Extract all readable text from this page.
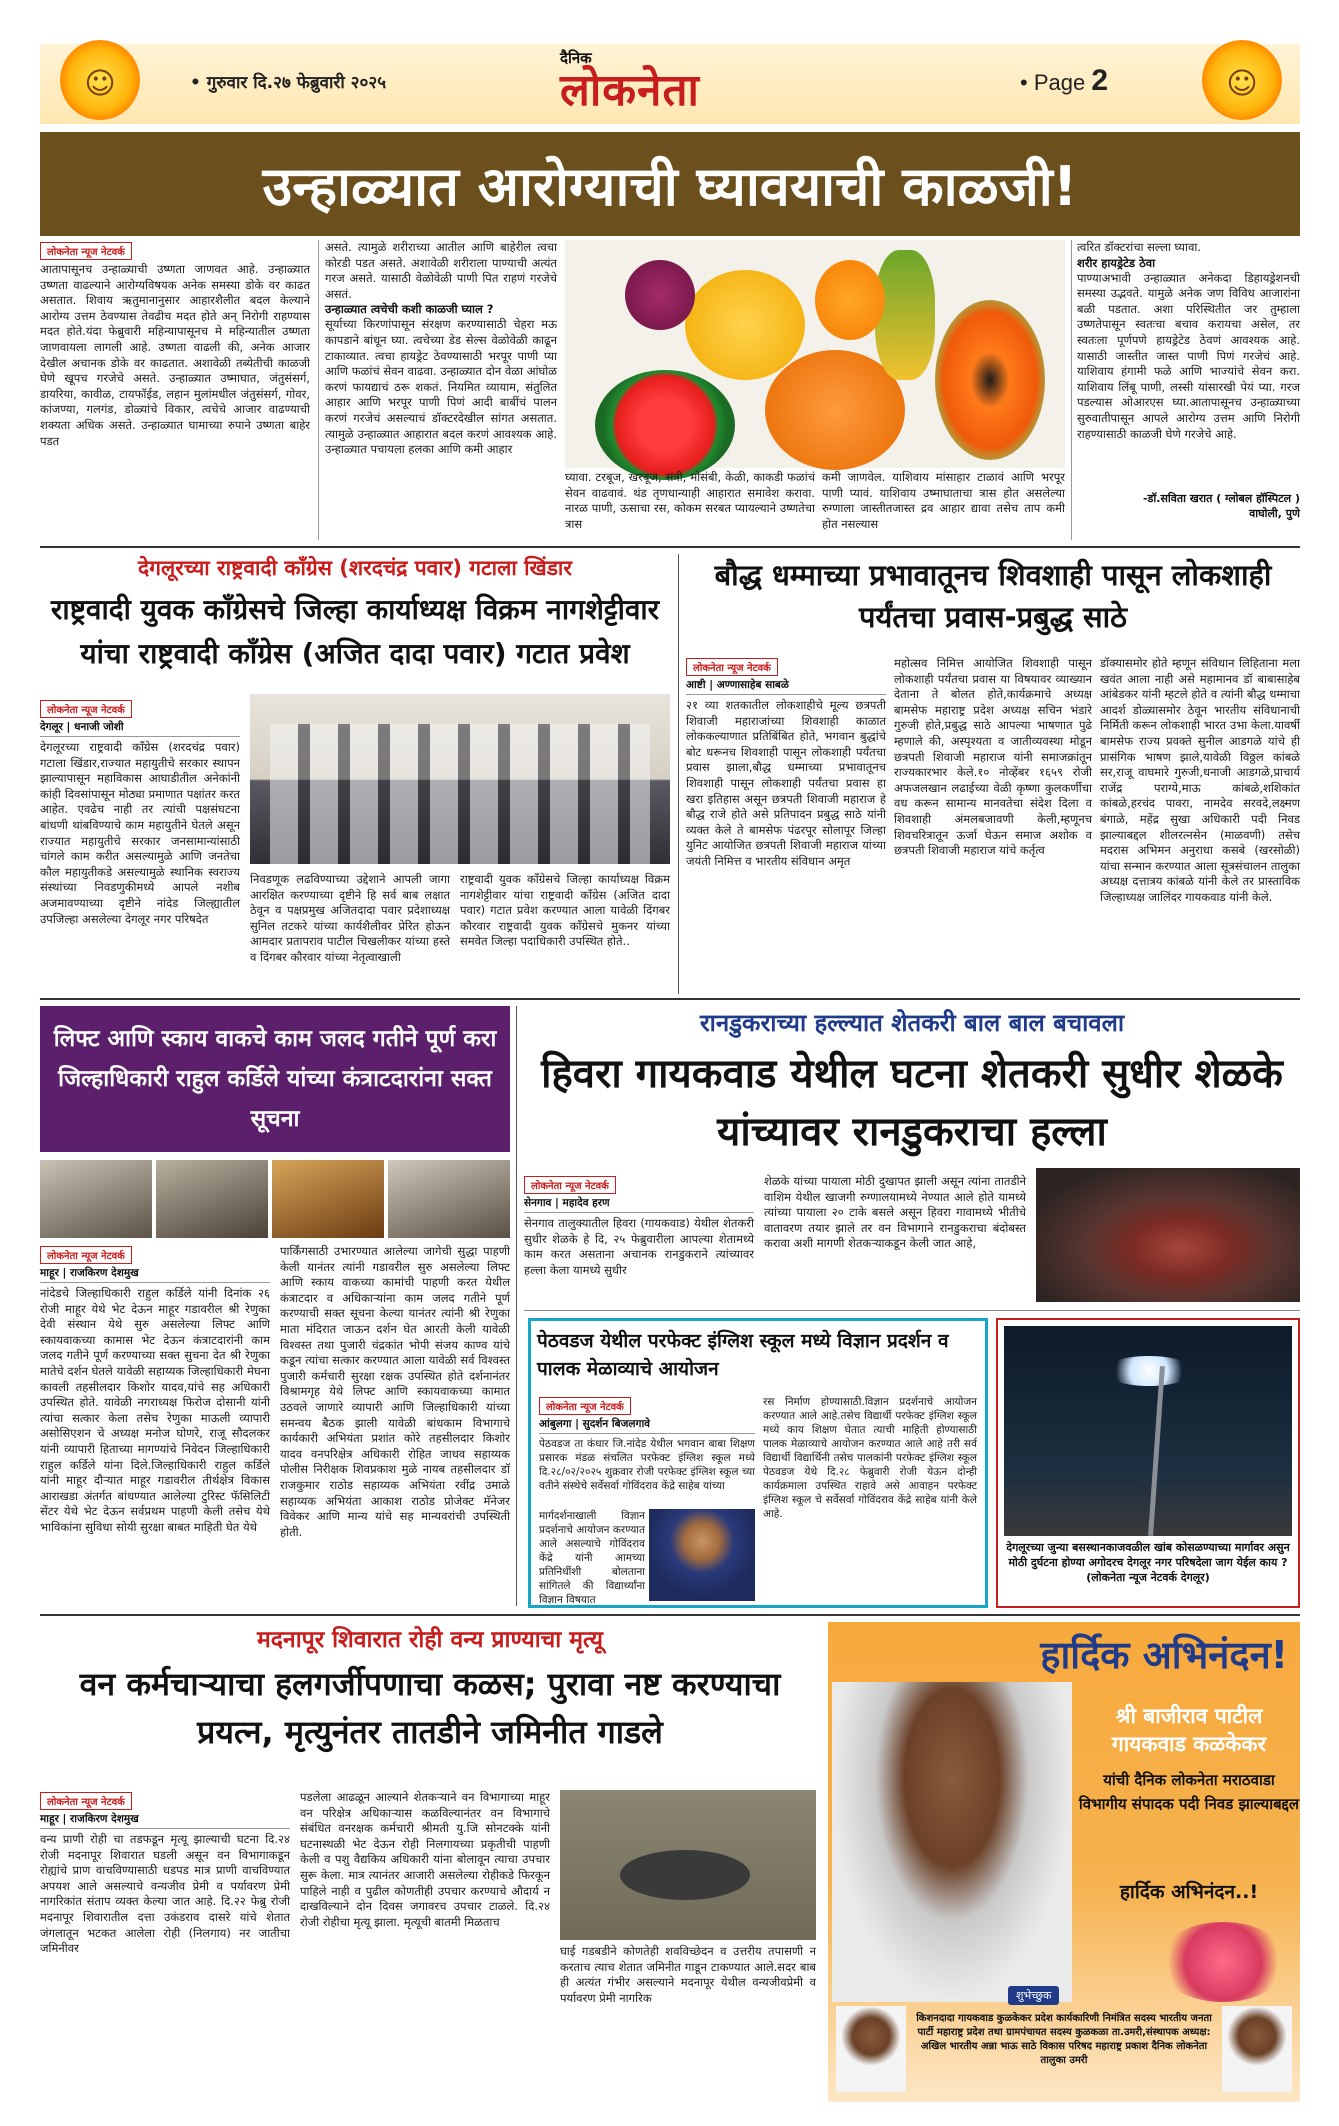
☺	☺
• गुरुवार दि.२७ फेब्रुवारी २०२५
दैनिक
लोकनेता	• Page 2
उन्हाळ्यात आरोग्याची घ्यावयाची काळजी!
लोकनेता न्यूज नेटवर्क
आतापासूनच उन्हाळ्याची उष्णता जाणवत आहे. उन्हाळ्यात उष्णता वाढल्याने आरोग्यविषयक अनेक समस्या डोके वर काढत असतात. शिवाय ऋतुमानानुसार आहारशैलीत बदल केल्याने आरोग्य उत्तम ठेवण्यास तेवढीच मदत होते अन् निरोगी राहण्यास मदत होते.यंदा फेब्रुवारी महिन्यापासूनच मे महिन्यातील उष्णता जाणवायला लागली आहे. उष्णता वाढली की, अनेक आजार देखील अचानक डोके वर काढतात. अशावेळी तब्येतीची काळजी घेणे खूपच गरजेचे असते. उन्हाळ्यात उष्माघात, जंतुसंसर्ग, डायरिया, कावीळ, टायफॉईड, लहान मुलांमधील जंतुसंसर्ग, गोवर, कांजण्या, गलगंड, डोळ्यांचे विकार, त्वचेचे आजार वाढण्याची शक्यता अधिक असते. उन्हाळ्यात घामाच्या रुपाने उष्णता बाहेर पडत
असते. त्यामुळे शरीराच्या आतील आणि बाहेरील त्वचा कोरडी पडत असते. अशावेळी शरीराला पाण्याची अत्यंत गरज असते. यासाठी वेळोवेळी पाणी पित राहणं गरजेचे असतं.
उन्हाळ्यात त्वचेची कशी काळजी घ्याल ?
सूर्याच्या किरणांपासून संरक्षण करण्यासाठी चेहरा मऊ कापडाने बांधून घ्या. त्वचेच्या डेड सेल्स वेळोवेळी काढून टाकाव्यात. त्वचा हायड्रेट ठेवण्यासाठी भरपूर पाणी प्या आणि फळांचं सेवन वाढवा. उन्हाळ्यात दोन वेळा आंघोळ करणं फायद्याचं ठरू शकतं. नियमित व्यायाम, संतुलित आहार आणि भरपूर पाणी पिणं आदी बाबींचं पालन करणं गरजेचं असल्याचं डॉक्टरदेखील सांगत असतात. त्यामुळे उन्हाळ्यात आहारात बदल करणं आवश्यक आहे. उन्हाळ्यात पचायला हलका आणि कमी आहार
घ्यावा. टरबूज, खरबूज, संत्री, मोसंबी, केळी, काकडी फळांचं सेवन वाढवावं. थंड तृणधान्याही आहारात समावेश करावा. नारळ पाणी, ऊसाचा रस, कोकम सरबत प्यायल्याने उष्णतेचा त्रास
कमी जाणवेल. याशिवाय मांसाहार टाळावं आणि भरपूर पाणी प्यावं. याशिवाय उष्माघाताचा त्रास होत असलेल्या रुग्णाला जास्तीतजास्त द्रव आहार द्यावा तसेच ताप कमी होत नसल्यास
त्वरित डॉक्टरांचा सल्ला घ्यावा.
शरीर हायड्रेटेड ठेवा
पाण्याअभावी उन्हाळ्यात अनेकदा डिहायड्रेशनची समस्या उद्भवते. यामुळे अनेक जण विविध आजारांना बळी पडतात. अशा परिस्थितीत जर तुम्हाला उष्णतेपासून स्वतःचा बचाव करायचा असेल, तर स्वतःला पूर्णपणे हायड्रेटेड ठेवणं आवश्यक आहे. यासाठी जास्तीत जास्त पाणी पिणं गरजेचं आहे. याशिवाय हंगामी फळे आणि भाज्यांचे सेवन करा. याशिवाय लिंबू पाणी, लस्सी यांसारखी पेयं प्या. गरज पडल्यास ओआरएस घ्या.आतापासूनच उन्हाळ्याच्या सुरुवातीपासून आपले आरोग्य उत्तम आणि निरोगी राहण्यासाठी काळजी घेणे गरजेचे आहे.
-डॉ.सविता खरात ( ग्लोबल हॉस्पिटल )
वाघोली, पुणे
देगलूरच्या राष्ट्रवादी काँग्रेस (शरदचंद्र पवार) गटाला खिंडार
राष्ट्रवादी युवक काँग्रेसचे जिल्हा कार्याध्यक्ष विक्रम नागशेट्टीवार
यांचा राष्ट्रवादी काँग्रेस (अजित दादा पवार) गटात प्रवेश
लोकनेता न्यूज नेटवर्क
देगलूर | धनाजी जोशी
देगलूरच्या राष्ट्रवादी काँग्रेस (शरदचंद्र पवार) गटाला खिंडार,राज्यात महायुतीचे सरकार स्थापन झाल्यापासून महाविकास आघाडीतील अनेकांनी कांही दिवसांपासून मोठ्या प्रमाणात पक्षांतर करत आहेत. एवढेच नाही तर त्यांची पक्षसंघटना बांधणी थांबविण्याचे काम महायुतीने घेतले असून राज्यात महायुतीचे सरकार जनसामान्यांसाठी चांगले काम करीत असल्यामुळे आणि जनतेचा कौल महायुतीकडे असल्यामुळे स्थानिक स्वराज्य संस्थांच्या निवडणुकीमध्ये आपले नशीब अजमावण्याच्या दृष्टीने नांदेड जिल्ह्यातील उपजिल्हा असलेल्या देगलूर नगर परिषदेत
निवडणूक लढविण्याच्या उद्देशाने आपली जागा आरक्षित करण्याच्या दृष्टीने हि सर्व बाब लक्षात ठेवून व पक्षप्रमुख अजितदादा पवार प्रदेशाध्यक्ष सुनिल तटकरे यांच्या कार्यशैलीवर प्रेरित होऊन आमदार प्रतापराव पाटील चिखलीकर यांच्या हस्ते व दिंगबर कौरवार यांच्या नेतृत्वाखाली
राष्ट्रवादी युवक काँग्रेसचे जिल्हा कार्याध्यक्ष विक्रम नागशेट्टीवार यांचा राष्ट्रवादी काँग्रेस (अजित दादा पवार) गटात प्रवेश करण्यात आला यावेळी दिंगबर कौरवार राष्ट्रवादी युवक काँग्रेसचे मुकनर यांच्या समवेत जिल्हा पदाधिकारी उपस्थित होते..
बौद्ध धम्माच्या प्रभावातूनच शिवशाही पासून लोकशाही पर्यंतचा प्रवास-प्रबुद्ध साठे
लोकनेता न्यूज नेटवर्क
आष्टी | अण्णासाहेब साबळे
२१ व्या शतकातील लोकशाहीचे मूल्य छत्रपती शिवाजी महाराजांच्या शिवशाही काळात लोककल्याणात प्रतिबिंबित होते, भगवान बुद्धांचे बोट धरूनच शिवशाही पासून लोकशाही पर्यंतचा प्रवास झाला,बौद्ध धम्माच्या प्रभावातूनच शिवशाही पासून लोकशाही पर्यंतचा प्रवास हा खरा इतिहास असून छत्रपती शिवाजी महाराज हे बौद्ध राजे होते असे प्रतिपादन प्रबुद्ध साठे यांनी व्यक्त केले ते बामसेफ पंढरपूर सोलापूर जिल्हा युनिट आयोजित छत्रपती शिवाजी महाराज यांच्या जयंती निमित्त व भारतीय संविधान अमृत
महोत्सव निमित्त आयोजित शिवशाही पासून लोकशाही पर्यंतचा प्रवास या विषयावर व्याख्यान देताना ते बोलत होते,कार्यक्रमाचे अध्यक्ष बामसेफ महाराष्ट्र प्रदेश अध्यक्ष सचिन भंडारे गुरुजी होते,प्रबुद्ध साठे आपल्या भाषणात पुढे म्हणाले की, अस्पृश्यता व जातीव्यवस्था मोडून छत्रपती शिवाजी महाराज यांनी समाजक्रांतून राज्यकारभार केले.१० नोव्हेंबर १६५९ रोजी अफजलखान लढाईच्या वेळी कृष्णा कुलकर्णीचा वध करून सामान्य मानवतेचा संदेश दिला व शिवशाही अंमलबजावणी केली,म्हणूनच शिवचरित्रातून ऊर्जा घेऊन समाज अशोक व छत्रपती शिवाजी महाराज यांचे कर्तृत्व
डॉक्यासमोर होते म्हणून संविधान लिहिताना मला खवंत आला नाही असे महामानव डॉ बाबासाहेब आंबेडकर यांनी म्हटले होते व त्यांनी बौद्ध धम्माचा आदर्श डोळ्यासमोर ठेवून भारतीय संविधानाची निर्मिती करून लोकशाही भारत उभा केला.यावर्षी बामसेफ राज्य प्रवक्ते सुनील आडगळे यांचे ही प्रासंगिक भाषण झाले,यावेळी विठ्ठल कांबळे सर,राजू वाघमारे गुरुजी,धनाजी आडगळे,प्राचार्य राजेंद्र पराग्ये,माऊ कांबळे,शशिकांत कांबळे,हरचंद पावरा, नामदेव सरवदे,लक्ष्मण बंगाळे, महेंद्र सुखा अधिकारी पदी निवड झाल्याबद्दल शीलरत्नसेन (माळवणी) तसेच मदरास अभिमन अनुराधा कसबे (खरसोळी) यांचा सन्मान करण्यात आला सूत्रसंचालन तालुका अध्यक्ष दत्तात्रय कांबळे यांनी केले तर प्रास्ताविक जिल्हाध्यक्ष जालिंदर गायकवाड यांनी केले.
लिफ्ट आणि स्काय वाकचे काम जलद गतीने पूर्ण करा जिल्हाधिकारी राहुल कर्डिले यांच्या कंत्राटदारांना सक्त सूचना
लोकनेता न्यूज नेटवर्क
माहूर | राजकिरण देशमुख
नांदेडचे जिल्हाधिकारी राहुल कर्डिले यांनी दिनांक २६ रोजी माहूर येथे भेट देऊन माहूर गडावरील श्री रेणुका देवी संस्थान येथे सुरु असलेल्या लिफ्ट आणि स्कायवाकच्या कामास भेट देऊन कंत्राटदारांनी काम जलद गतीने पूर्ण करण्याच्या सक्त सुचना देत श्री रेणुका मातेचे दर्शन घेतले यावेळी सहाय्यक जिल्हाधिकारी मेघना कावली तहसीलदार किशोर यादव,यांचे सह अधिकारी उपस्थित होते. यावेळी नगराध्यक्ष फिरोज दोसानी यांनी त्यांचा सत्कार केला तसेच रेणुका माऊली व्यापारी असोसिएशन चे अध्यक्ष मनोज घोणरे, राजू सौदलकर यांनी व्यापारी हिताच्या मागण्यांचे निवेदन जिल्हाधिकारी राहुल कर्डिले यांना दिले.जिल्हाधिकारी राहुल कर्डिले यांनी माहूर दौऱ्यात माहूर गडावरील तीर्थक्षेत्र विकास आराखडा अंतर्गत बांधण्यात आलेल्या टुरिस्ट फॅसिलिटी सेंटर येथे भेट देऊन सर्वप्रथम पाहणी केली तसेच येथे भाविकांना सुविधा सोयी सुरक्षा बाबत माहिती घेत येथे
पार्किंगसाठी उभारण्यात आलेल्या जागेची सुद्धा पाहणी केली यानंतर त्यांनी गडावरील सुरु असलेल्या लिफ्ट आणि स्काय वाकच्या कामांची पाहणी करत येथील कंत्राटदार व अधिकाऱ्यांना काम जलद गतीने पूर्ण करण्याची सक्त सूचना केल्या यानंतर त्यांनी श्री रेणुका माता मंदिरात जाऊन दर्शन घेत आरती केली यावेळी विश्वस्त तथा पुजारी चंद्रकांत भोपी संजय काण्व यांचे कडून त्यांचा सत्कार करण्यात आला यावेळी सर्व विश्वस्त पुजारी कर्मचारी सुरक्षा रक्षक उपस्थित होते दर्शनानंतर विश्रामगृह येथे लिफ्ट आणि स्कायवाकच्या कामात उठवले जाणारे व्यापारी आणि जिल्हाधिकारी यांच्या समन्वय बैठक झाली यावेळी बांधकाम विभागाचे कार्यकारी अभियंता प्रशांत कोरे तहसीलदार किशोर यादव वनपरिक्षेत्र अधिकारी रोहित जाधव सहाय्यक पोलीस निरीक्षक शिवप्रकाश मुळे नायब तहसीलदार डॉ राजकुमार राठोड सहाय्यक अभियंता रवींद्र उमाळे सहाय्यक अभियंता आकाश राठोड प्रोजेक्ट मॅनेजर विवेकर आणि मान्य यांचे सह मान्यवरांची उपस्थिती होती.
रानडुकराच्या हल्ल्यात शेतकरी बाल बाल बचावला
हिवरा गायकवाड येथील घटना शेतकरी सुधीर शेळके यांच्यावर रानडुकराचा हल्ला
लोकनेता न्यूज नेटवर्क
सेनगाव | महादेव हरण
सेनगाव तालुक्यातील हिवरा (गायकवाड) येथील शेतकरी सुधीर शेळके हे दि, २५ फेब्रुवारीला आपल्या शेतामध्ये काम करत असताना अचानक रानडुकराने त्यांच्यावर हल्ला केला यामध्ये सुधीर
शेळके यांच्या पायाला मोठी दुखापत झाली असून त्यांना तातडीने वाशिम येथील खाजगी रुग्णालयामध्ये नेण्यात आले होते यामध्ये त्यांच्या पायाला २० टाके बसले असून हिवरा गावामध्ये भीतीचे वातावरण तयार झाले तर वन विभागाने रानडुकराचा बंदोबस्त करावा अशी मागणी शेतकऱ्याकडून केली जात आहे,
पेठवडज येथील परफेक्ट इंग्लिश स्कूल मध्ये विज्ञान प्रदर्शन व पालक मेळाव्याचे आयोजन
लोकनेता न्यूज नेटवर्क
आंबुलगा | सुदर्शन बिजलगावे
पेठवडज ता कंधार जि.नांदेड येथील भगवान बाबा शिक्षण प्रसारक मंडळ संचलित परफेक्ट इंग्लिश स्कूल मध्ये दि.२८/०२/२०२५ शुक्रवार रोजी परफेक्ट इंग्लिश स्कूल च्या वतीने संस्थेचे सर्वेसर्वा गोविंदराव केंद्रे साहेब यांच्या
मार्गदर्शनाखाली विज्ञान प्रदर्शनाचे आयोजन करण्यात आले असल्याचे गोविंदराव केंद्रे यांनी आमच्या प्रतिनिधींशी बोलताना सांगितले की विद्यार्थ्यांना विज्ञान विषयात
रस निर्माण होण्यासाठी.विज्ञान प्रदर्शनाचे आयोजन करण्यात आले आहे.तसेच विद्यार्थी परफेक्ट इंग्लिश स्कूल मध्ये काय शिक्षण घेतात त्याची माहिती होण्यासाठी पालक मेळाव्याचे आयोजन करण्यात आले आहे तरी सर्व विद्यार्थी विद्यार्थिनी तसेच पालकांनी परफेक्ट इंग्लिश स्कूल पेठवडज येथे दि.२८ फेब्रुवारी रोजी येऊन दोन्ही कार्यक्रमाला उपस्थित राहावे असे आवाहन परफेक्ट इंग्लिश स्कूल चे सर्वेसर्वा गोविंदराव केंद्रे साहेब यांनी केले आहे.
देगलूरच्या जुन्या बसस्थानकाजवळील खांब कोसळण्याच्या मार्गावर असुन मोठी दुर्घटना होण्या अगोदरच देगलूर नगर परिषदेला जाग येईल काय ? (लोकनेता न्यूज नेटवर्क देगलूर)
मदनापूर शिवारात रोही वन्य प्राण्याचा मृत्यू
वन कर्मचाऱ्याचा हलगर्जीपणाचा कळस; पुरावा नष्ट करण्याचा प्रयत्न, मृत्युनंतर तातडीने जमिनीत गाडले
लोकनेता न्यूज नेटवर्क
माहूर | राजकिरण देशमुख
वन्य प्राणी रोही चा तडफडून मृत्यू झाल्याची घटना दि.२४ रोजी मदनापूर शिवारात घडली असून वन विभागाकडून रोह्यांचे प्राण वाचविण्यासाठी धडपड मात्र प्राणी वाचविण्यात अपयश आले असल्याचे वन्यजीव प्रेमी व पर्यावरण प्रेमी नागरिकांत संताप व्यक्त केल्या जात आहे. दि.२२ फेब्रु रोजी मदनापूर शिवारातील दत्ता उकंडराव दासरे यांचे शेतात जंगलातून भटकत आलेला रोही (निलगाय) नर जातीचा जमिनीवर
पडलेला आढळून आल्याने शेतकऱ्याने वन विभागाच्या माहूर वन परिक्षेत्र अधिकाऱ्यास कळविल्यानंतर वन विभागाचे संबंधित वनरक्षक कर्मचारी श्रीमती यु.जि सोनटक्के यांनी घटनास्थळी भेट देऊन रोही निलगायच्या प्रकृतीची पाहणी केली व पशु वैद्यकिय अधिकारी यांना बोलावून त्याचा उपचार सुरू केला. मात्र त्यानंतर आजारी असलेल्या रोहीकडे फिरकून पाहिले नाही व पुढील कोणतीही उपचार करण्याचे औदार्य न दाखविल्याने दोन दिवस जगावरच उपचार टाळले. दि.२४ रोजी रोहीचा मृत्यू झाला. मृत्यूची बातमी मिळताच
घाई गडबडीने कोणतेही शवविच्छेदन व उत्तरीय तपासणी न करताच त्याच शेतात जमिनीत गाडून टाकण्यात आले.सदर बाब ही अत्यंत गंभीर असल्याने मदनापूर येथील वन्यजीवप्रेमी व पर्यावरण प्रेमी नागरिक
हार्दिक अभिनंदन!
श्री बाजीराव पाटील
गायकवाड कळकेकर
यांची दैनिक लोकनेता मराठवाडा विभागीय संपादक पदी निवड झाल्याबद्दल
हार्दिक अभिनंदन..!
शुभेच्छुक
किशनदादा गायकवाड कुळकेकर प्रदेश कार्यकारिणी निमंत्रित सदस्य भारतीय जनता पार्टी महाराष्ट्र प्रदेश तथा ग्रामपंचायत सदस्य कुळकळा ता.उमरी,संस्थापक अध्यक्ष: अखिल भारतीय अन्ना भाऊ साठे विकास परिषद महाराष्ट्र प्रकाश दैनिक लोकनेता तालुका उमरी
